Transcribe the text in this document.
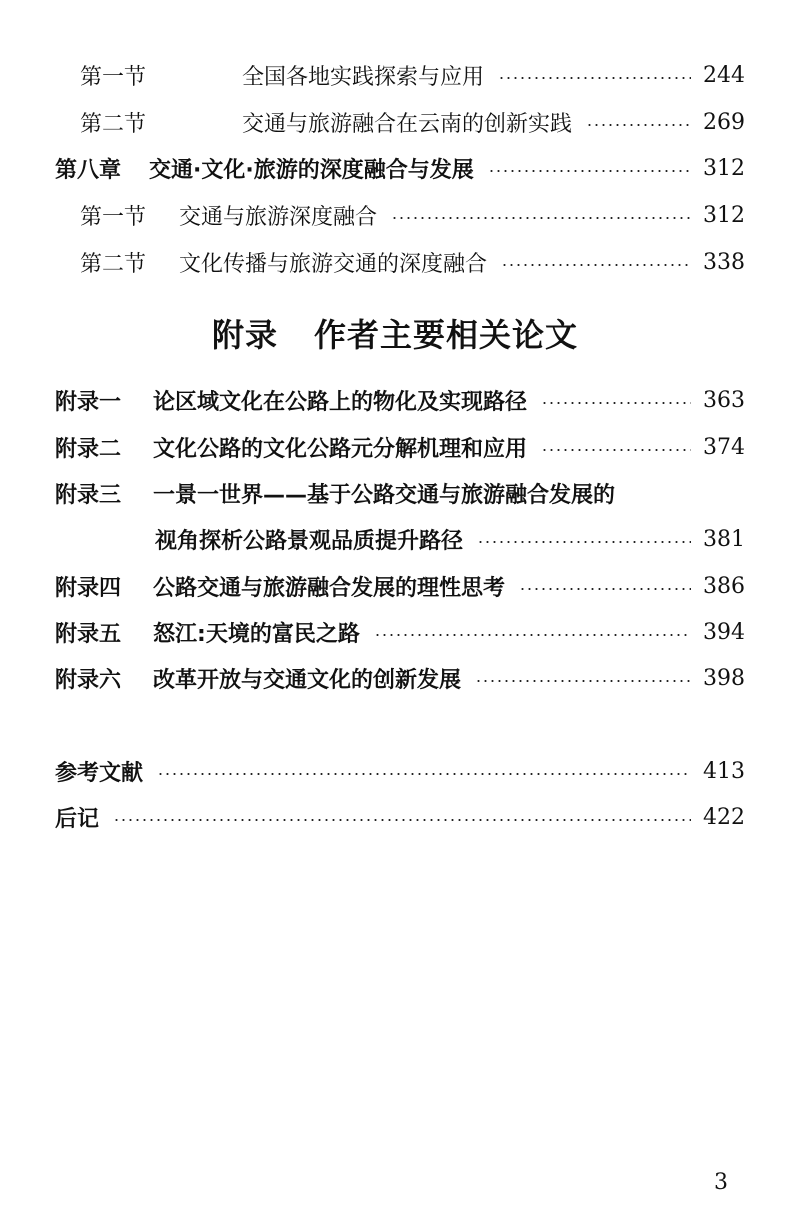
第一节	全国各地实践探索与应用	244
第二节	交通与旅游融合在云南的创新实践	269
第八章 交通·文化·旅游的深度融合与发展	312
第一节 交通与旅游深度融合	312
第二节 文化传播与旅游交通的深度融合	338
附录 作者主要相关论文
附录一 论区域文化在公路上的物化及实现路径	363
附录二 文化公路的文化公路元分解机理和应用	374
附录三 一景一世界——基于公路交通与旅游融合发展的
视角探析公路景观品质提升路径	381
附录四 公路交通与旅游融合发展的理性思考	386
附录五 怒江:天境的富民之路	394
附录六 改革开放与交通文化的创新发展	398
参考文献	413
后记	422
3
